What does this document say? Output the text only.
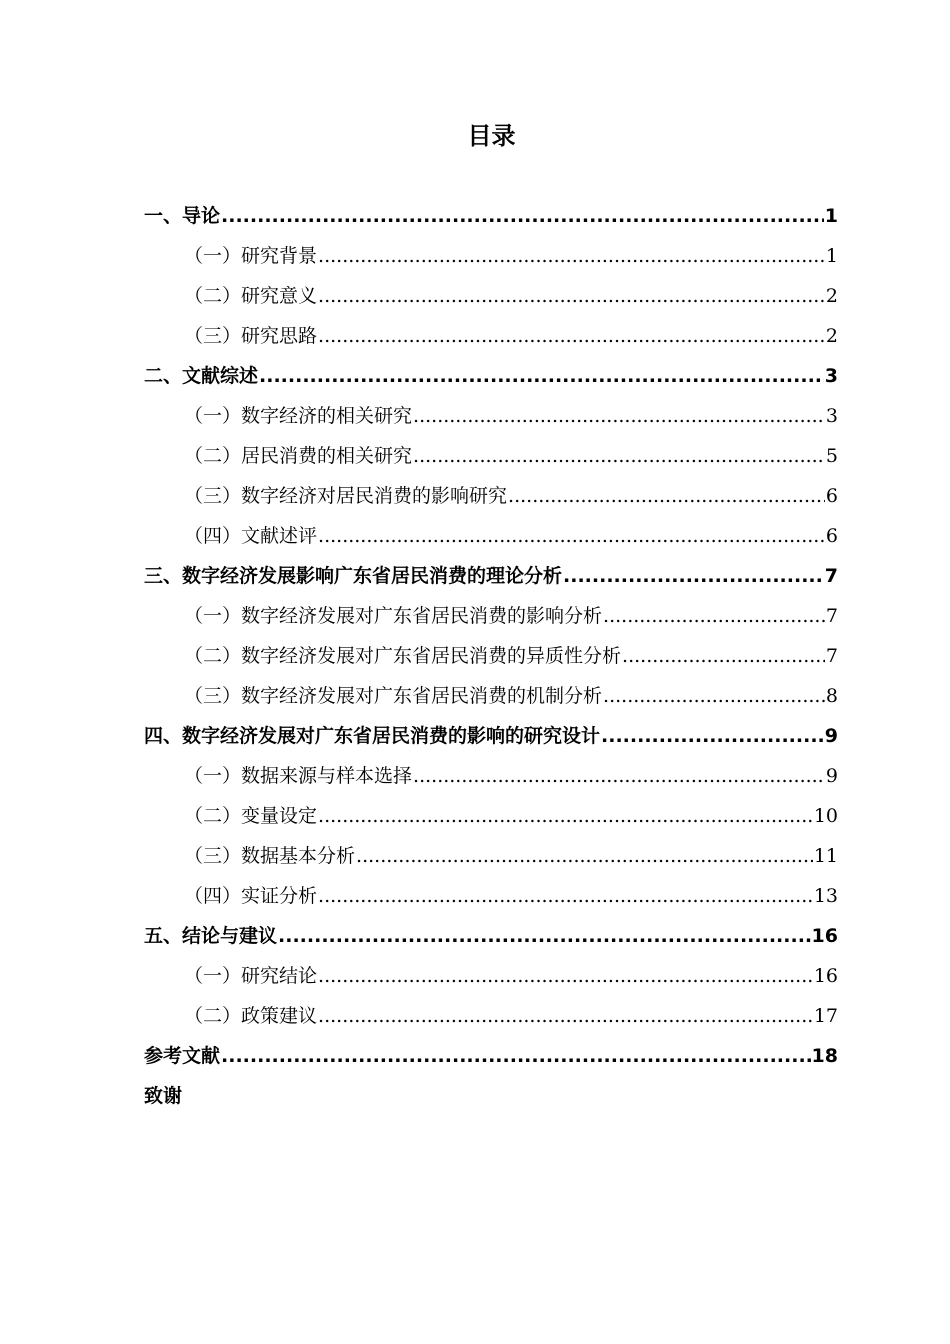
目录
一、导论 .....	1
（一） 研究背景 .....	1
（二） 研究意义 .....	2
（三） 研究思路 .....	2
二、文献综述 .....	3
（一） 数字经济的相关研究 .....	3
（二） 居民消费的相关研究 .....	5
（三） 数字经济对居民消费的影响研究 .....	6
（四） 文献述评 .....	6
三、数字经济发展影响广东省居民消费的理论分析 .....	7
（一） 数字经济发展对广东省居民消费的影响分析 .....	7
（二） 数字经济发展对广东省居民消费的异质性分析 .....	7
（三） 数字经济发展对广东省居民消费的机制分析 .....	8
四、数字经济发展对广东省居民消费的影响的研究设计 .....	9
（一） 数据来源与样本选择 .....	9
（二） 变量设定 .....	10
（三） 数据基本分析 .....	11
（四） 实证分析 .....	13
五、结论与建议 .....	16
（一） 研究结论 .....	16
（二） 政策建议 .....	17
参考文献 .....	18
致谢
